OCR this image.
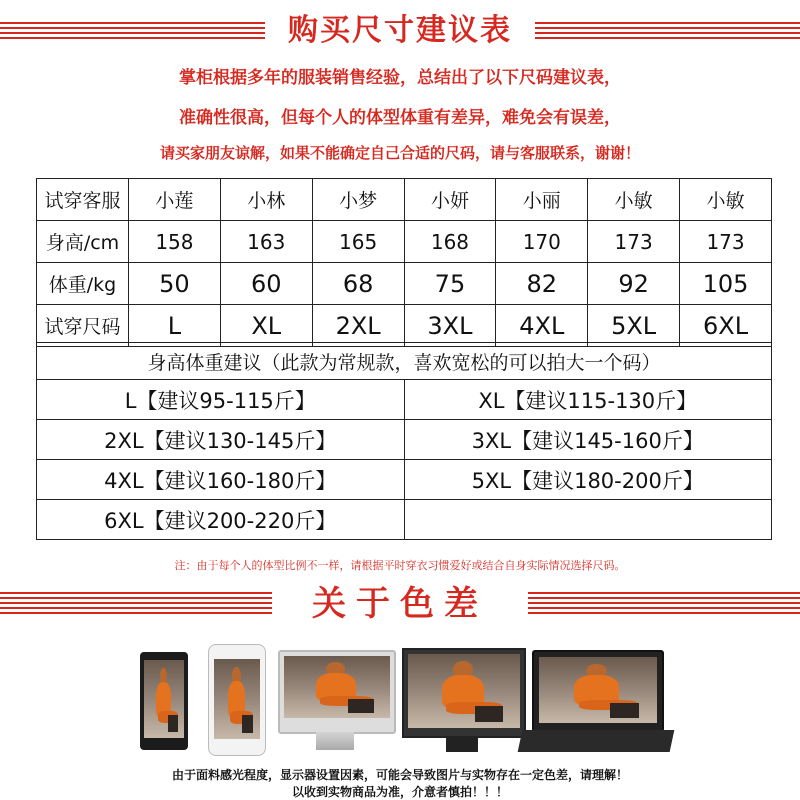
购买尺寸建议表
掌柜根据多年的服装销售经验，总结出了以下尺码建议表，
准确性很高，但每个人的体型体重有差异，难免会有误差，
请买家朋友谅解，如果不能确定自己合适的尺码，请与客服联系，谢谢！
试穿客服	小莲	小林	小梦	小妍	小丽	小敏	小敏
身高/cm	158	163	165	168	170	173	173
体重/kg	50	60	68	75	82	92	105
试穿尺码	L	XL	2XL	3XL	4XL	5XL	6XL
身高体重建议（此款为常规款，喜欢宽松的可以拍大一个码）	
L【建议95-115斤】	XL【建议115-130斤】
2XL【建议130-145斤】	3XL【建议145-160斤】
4XL【建议160-180斤】	5XL【建议180-200斤】
6XL【建议200-220斤】	
注：由于每个人的体型比例不一样，请根据平时穿衣习惯爱好或结合自身实际情况选择尺码。
关于色差
由于面料感光程度，显示器设置因素，可能会导致图片与实物存在一定色差，请理解！
以收到实物商品为准，介意者慎拍！！！
